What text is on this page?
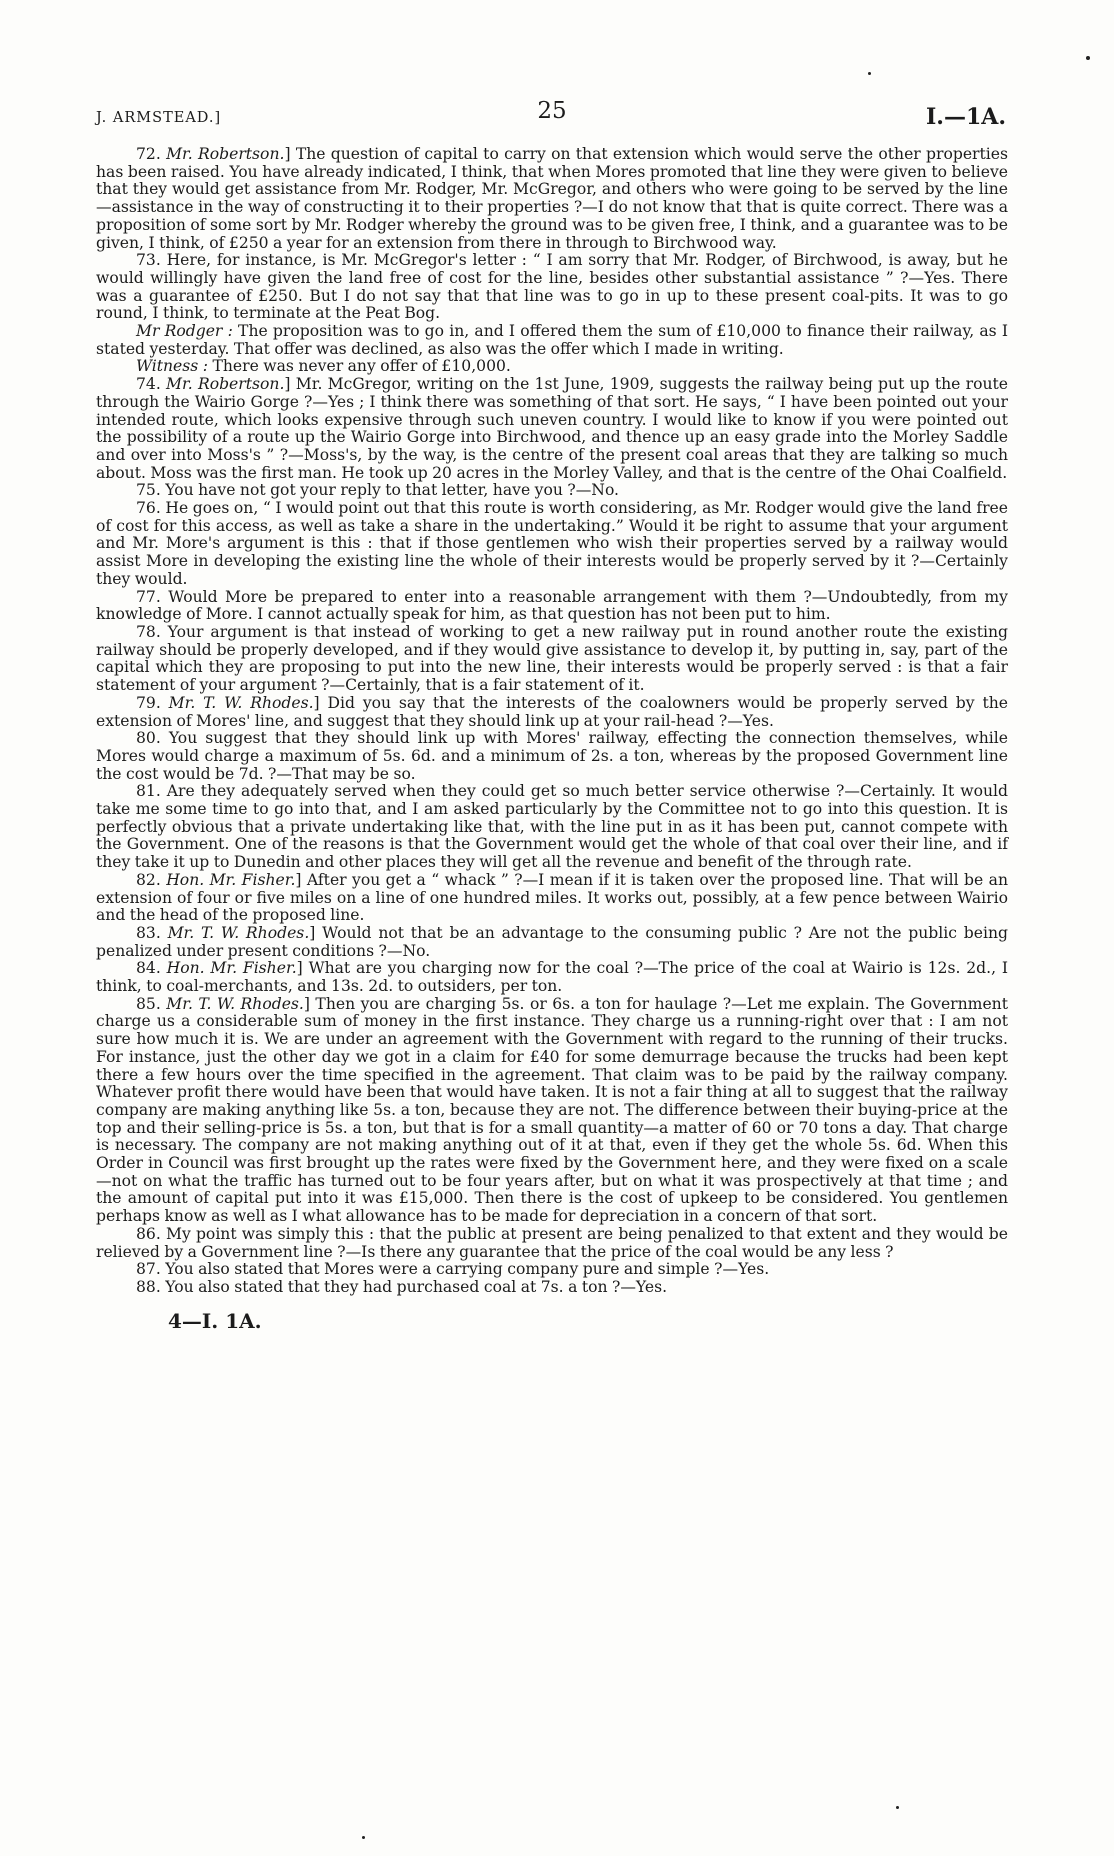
J. ARMSTEAD.]	25	I.—1A.

72. Mr. Robertson.] The question of capital to carry on that extension which would serve the other properties has been raised. You have already indicated, I think, that when Mores promoted that line they were given to believe that they would get assistance from Mr. Rodger, Mr. McGregor, and others who were going to be served by the line—assistance in the way of constructing it to their properties ?—I do not know that that is quite correct. There was a proposition of some sort by Mr. Rodger whereby the ground was to be given free, I think, and a guarantee was to be given, I think, of £250 a year for an extension from there in through to Birchwood way.

73. Here, for instance, is Mr. McGregor's letter : “ I am sorry that Mr. Rodger, of Birchwood, is away, but he would willingly have given the land free of cost for the line, besides other substantial assistance ” ?—Yes. There was a guarantee of £250. But I do not say that that line was to go in up to these present coal-pits. It was to go round, I think, to terminate at the Peat Bog.

Mr Rodger : The proposition was to go in, and I offered them the sum of £10,000 to finance their railway, as I stated yesterday. That offer was declined, as also was the offer which I made in writing.

Witness : There was never any offer of £10,000.

74. Mr. Robertson.] Mr. McGregor, writing on the 1st June, 1909, suggests the railway being put up the route through the Wairio Gorge ?—Yes ; I think there was something of that sort. He says, “ I have been pointed out your intended route, which looks expensive through such uneven country. I would like to know if you were pointed out the possibility of a route up the Wairio Gorge into Birchwood, and thence up an easy grade into the Morley Saddle and over into Moss's ” ?—Moss's, by the way, is the centre of the present coal areas that they are talking so much about. Moss was the first man. He took up 20 acres in the Morley Valley, and that is the centre of the Ohai Coalfield.

75. You have not got your reply to that letter, have you ?—No.

76. He goes on, “ I would point out that this route is worth considering, as Mr. Rodger would give the land free of cost for this access, as well as take a share in the undertaking.” Would it be right to assume that your argument and Mr. More's argument is this : that if those gentlemen who wish their properties served by a railway would assist More in developing the existing line the whole of their interests would be properly served by it ?—Certainly they would.

77. Would More be prepared to enter into a reasonable arrangement with them ?—Undoubtedly, from my knowledge of More. I cannot actually speak for him, as that question has not been put to him.

78. Your argument is that instead of working to get a new railway put in round another route the existing railway should be properly developed, and if they would give assistance to develop it, by putting in, say, part of the capital which they are proposing to put into the new line, their interests would be properly served : is that a fair statement of your argument ?—Certainly, that is a fair statement of it.

79. Mr. T. W. Rhodes.] Did you say that the interests of the coalowners would be properly served by the extension of Mores' line, and suggest that they should link up at your rail-head ?—Yes.

80. You suggest that they should link up with Mores' railway, effecting the connection themselves, while Mores would charge a maximum of 5s. 6d. and a minimum of 2s. a ton, whereas by the proposed Government line the cost would be 7d. ?—That may be so.

81. Are they adequately served when they could get so much better service otherwise ?—Certainly. It would take me some time to go into that, and I am asked particularly by the Committee not to go into this question. It is perfectly obvious that a private undertaking like that, with the line put in as it has been put, cannot compete with the Government. One of the reasons is that the Government would get the whole of that coal over their line, and if they take it up to Dunedin and other places they will get all the revenue and benefit of the through rate.

82. Hon. Mr. Fisher.] After you get a “ whack ” ?—I mean if it is taken over the proposed line. That will be an extension of four or five miles on a line of one hundred miles. It works out, possibly, at a few pence between Wairio and the head of the proposed line.

83. Mr. T. W. Rhodes.] Would not that be an advantage to the consuming public ? Are not the public being penalized under present conditions ?—No.

84. Hon. Mr. Fisher.] What are you charging now for the coal ?—The price of the coal at Wairio is 12s. 2d., I think, to coal-merchants, and 13s. 2d. to outsiders, per ton.

85. Mr. T. W. Rhodes.] Then you are charging 5s. or 6s. a ton for haulage ?—Let me explain. The Government charge us a considerable sum of money in the first instance. They charge us a running-right over that : I am not sure how much it is. We are under an agreement with the Government with regard to the running of their trucks. For instance, just the other day we got in a claim for £40 for some demurrage because the trucks had been kept there a few hours over the time specified in the agreement. That claim was to be paid by the railway company. Whatever profit there would have been that would have taken. It is not a fair thing at all to suggest that the railway company are making anything like 5s. a ton, because they are not. The difference between their buying-price at the top and their selling-price is 5s. a ton, but that is for a small quantity—a matter of 60 or 70 tons a day. That charge is necessary. The company are not making anything out of it at that, even if they get the whole 5s. 6d. When this Order in Council was first brought up the rates were fixed by the Government here, and they were fixed on a scale—not on what the traffic has turned out to be four years after, but on what it was prospectively at that time ; and the amount of capital put into it was £15,000. Then there is the cost of upkeep to be considered. You gentlemen perhaps know as well as I what allowance has to be made for depreciation in a concern of that sort.

86. My point was simply this : that the public at present are being penalized to that extent and they would be relieved by a Government line ?—Is there any guarantee that the price of the coal would be any less ?

87. You also stated that Mores were a carrying company pure and simple ?—Yes.

88. You also stated that they had purchased coal at 7s. a ton ?—Yes.

4—I. 1A.
